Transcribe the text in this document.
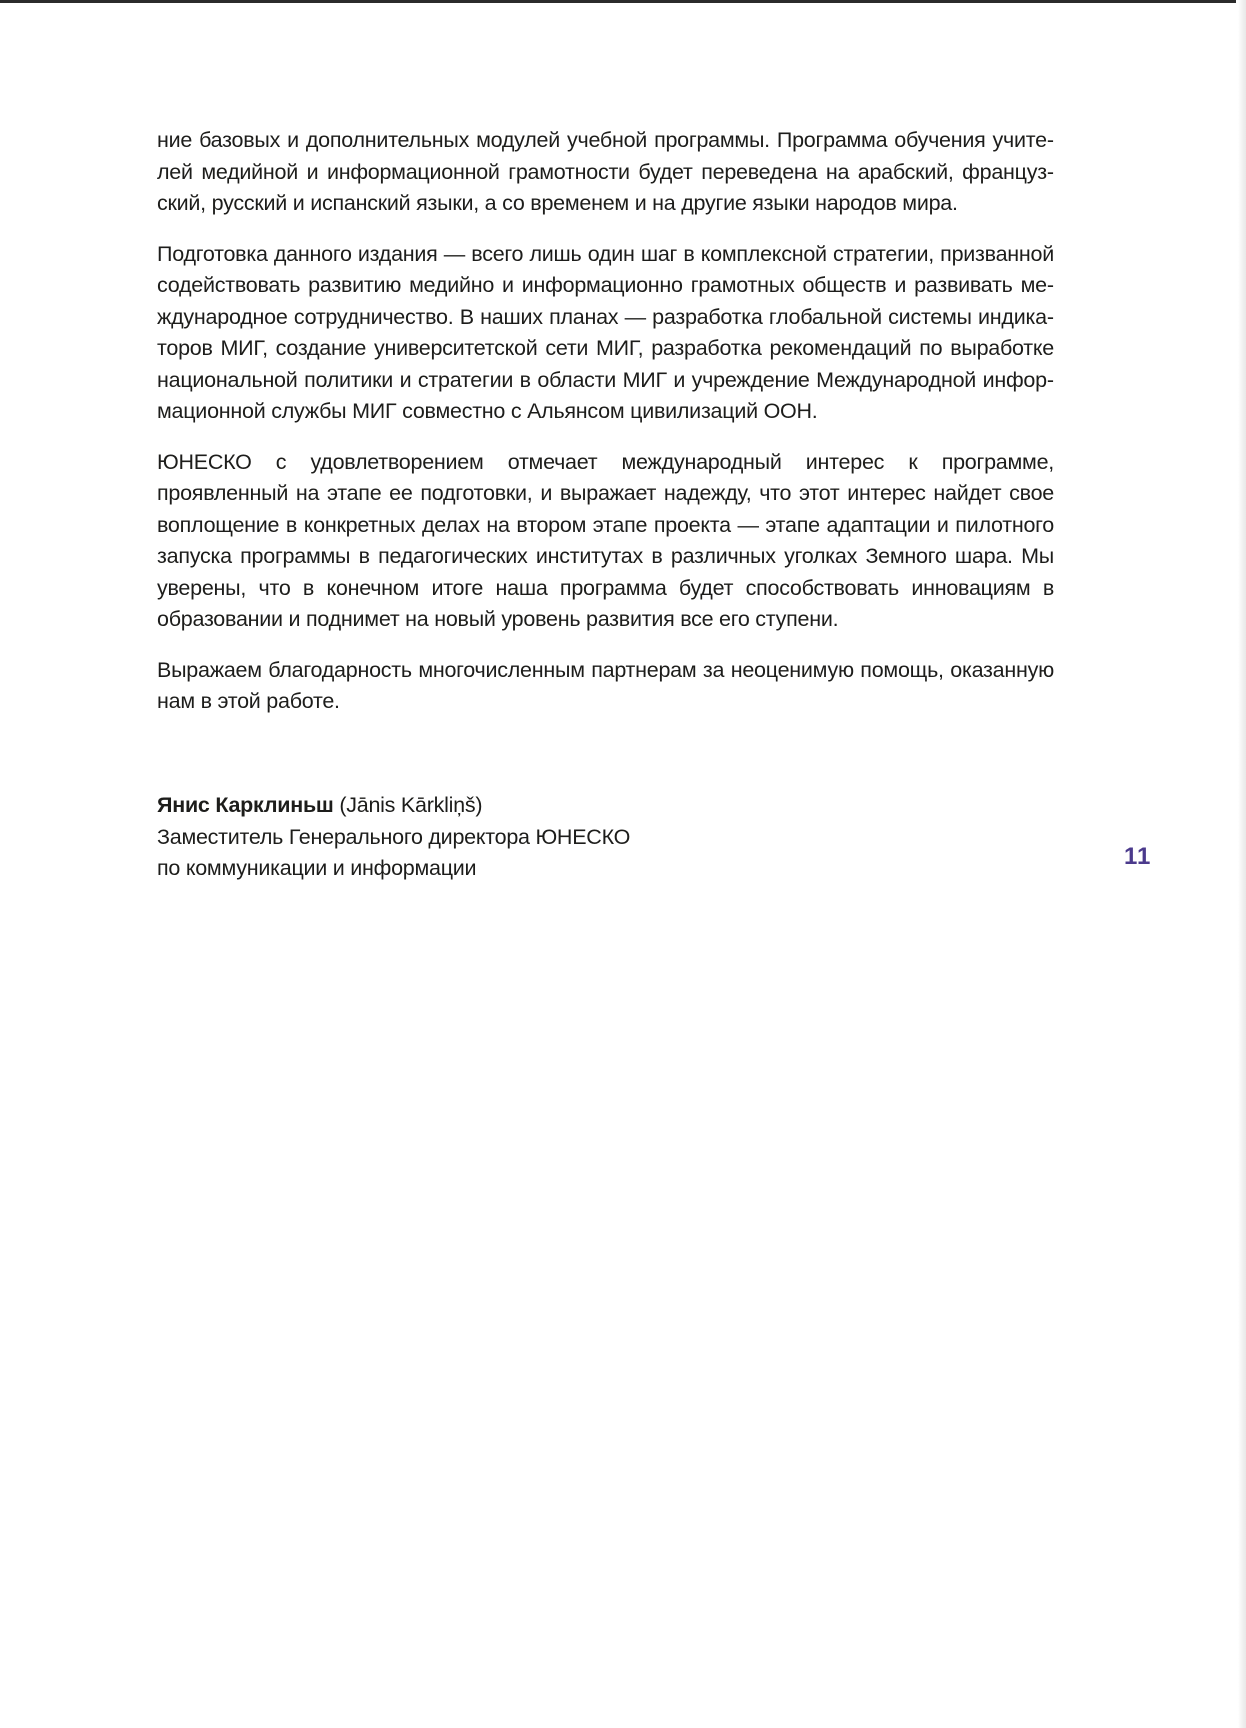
ние базовых и дополнительных модулей учебной программы. Программа обучения учителей медийной и информационной грамотности будет переведена на арабский, французский, русский и испанский языки, а со временем и на другие языки народов мира.

Подготовка данного издания — всего лишь один шаг в комплексной стратегии, призванной содействовать развитию медийно и информационно грамотных обществ и развивать международное сотрудничество. В наших планах — разработка глобальной системы индикаторов МИГ, создание университетской сети МИГ, разработка рекомендаций по выработке национальной политики и стратегии в области МИГ и учреждение Международной информационной службы МИГ совместно с Альянсом цивилизаций ООН.

ЮНЕСКО с удовлетворением отмечает международный интерес к программе, проявленный на этапе ее подготовки, и выражает надежду, что этот интерес найдет свое воплощение в конкретных делах на втором этапе проекта — этапе адаптации и пилотного запуска программы в педагогических институтах в различных уголках Земного шара. Мы уверены, что в конечном итоге наша программа будет способствовать инновациям в образовании и поднимет на новый уровень развития все его ступени.

Выражаем благодарность многочисленным партнерам за неоценимую помощь, оказанную нам в этой работе.

Янис Карклиньш (Jānis Kārkliņš)
Заместитель Генерального директора ЮНЕСКО
по коммуникации и информации	11
